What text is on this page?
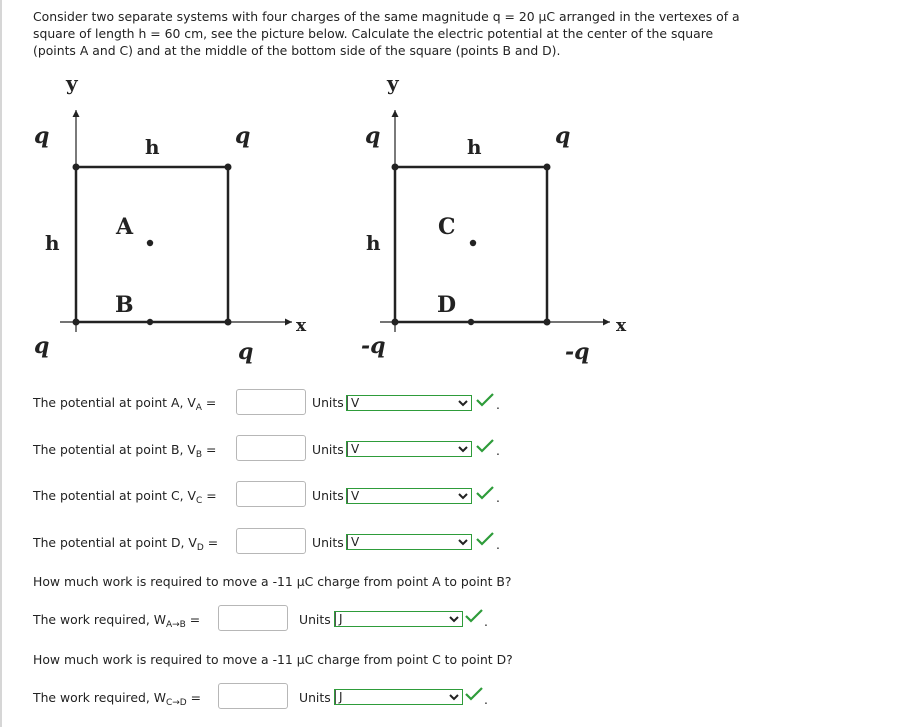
Consider two separate systems with four charges of the same magnitude q = 20 μC arranged in the vertexes of a square of length h = 60 cm, see the picture below. Calculate the electric potential at the center of the square (points A and C) and at the middle of the bottom side of the square (points B and D).

y
x
q	q
q	q
h
h
A
B
y
x
q	q
-q	-q
h
h
C
D
The potential at point A, $V_A$ =	Units V	.
The potential at point B, $V_B$ =	Units V	.
The potential at point C, $V_C$ =	Units V	.
The potential at point D, $V_D$ =	Units V	.
How much work is required to move a -11 μC charge from point A to point B?
The work required, $W_{A\to B}$ =	Units J	.
How much work is required to move a -11 μC charge from point C to point D?
The work required, $W_{C\to D}$ =	Units J	.
